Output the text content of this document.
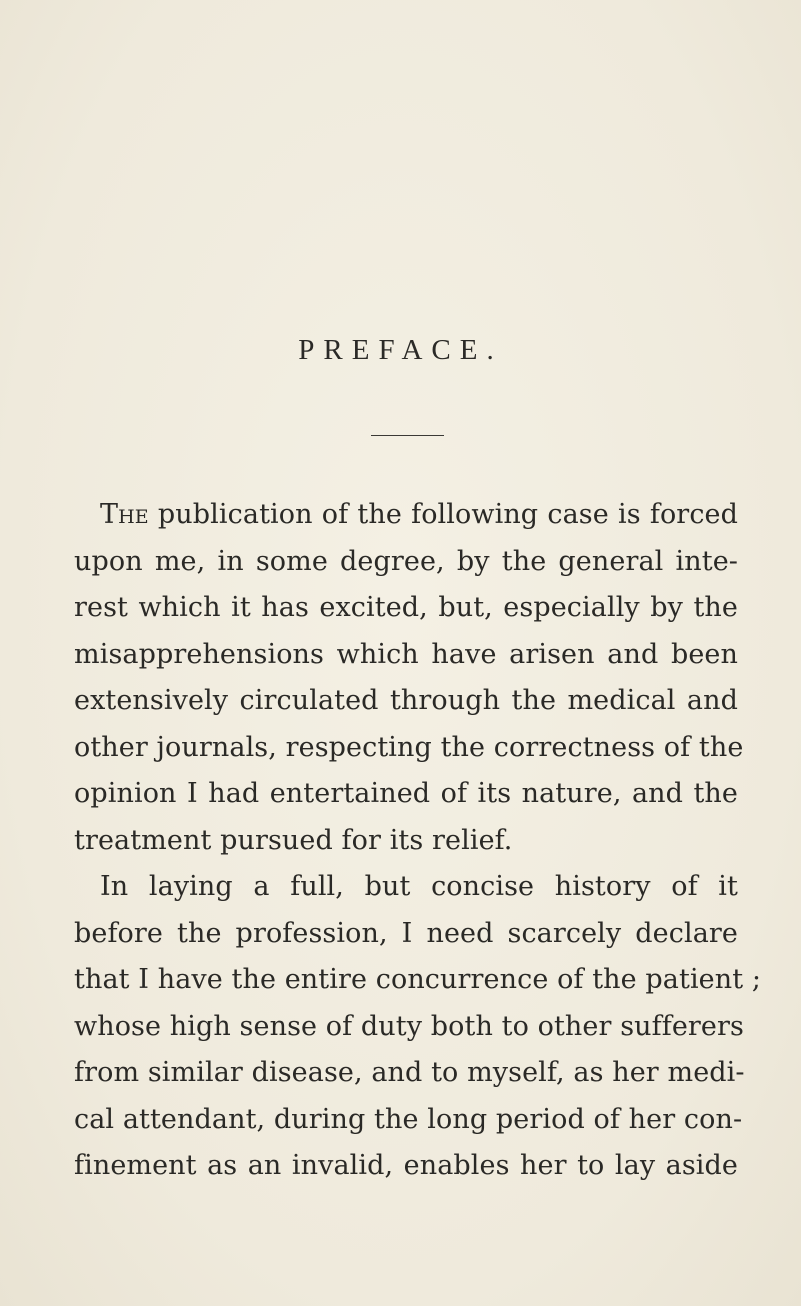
PREFACE.
The publication of the following case is forced
upon me, in some degree, by the general inte-
rest which it has excited, but, especially by the
misapprehensions which have arisen and been
extensively circulated through the medical and
other journals, respecting the correctness of the
opinion I had entertained of its nature, and the
treatment pursued for its relief.
In laying a full, but concise history of it
before the profession, I need scarcely declare
that I have the entire concurrence of the patient ;
whose high sense of duty both to other sufferers
from similar disease, and to myself, as her medi-
cal attendant, during the long period of her con-
finement as an invalid, enables her to lay aside
